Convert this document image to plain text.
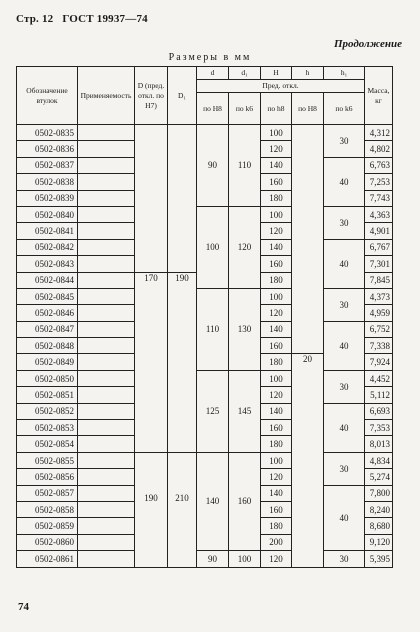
Стр. 12 ГОСТ 19937—74
Продолжение
Размеры в мм
Обозначение втулок	Применяемость	D (пред. откл. по H7)	D₁	d	d₁	H	h	h₁	Масса, кг
				Пред. откл.					
				по H8	по k6	по h8	по H8	по k6	
0502-0835				90	110	100		30	4,312
0502-0836						120			4,802
0502-0837						140		40	6,763
0502-0838						160			7,253
0502-0839						180			7,743
0502-0840				100	120	100		30	4,363
0502-0841						120			4,901
0502-0842						140		40	6,767
0502-0843						160			7,301
0502-0844		170	190			180			7,845
0502-0845				110	130	100		30	4,373
0502-0846						120			4,959
0502-0847						140		40	6,752
0502-0848						160			7,338
0502-0849						180	20		7,924
0502-0850				125	145	100		30	4,452
0502-0851						120			5,112
0502-0852						140		40	6,693
0502-0853						160			7,353
0502-0854						180			8,013
0502-0855		190	210	140	160	100		30	4,834
0502-0856						120			5,274
0502-0857						140		40	7,800
0502-0858						160			8,240
0502-0859						180			8,680
0502-0860						200			9,120
0502-0861				90	100	120		30	5,395
74
